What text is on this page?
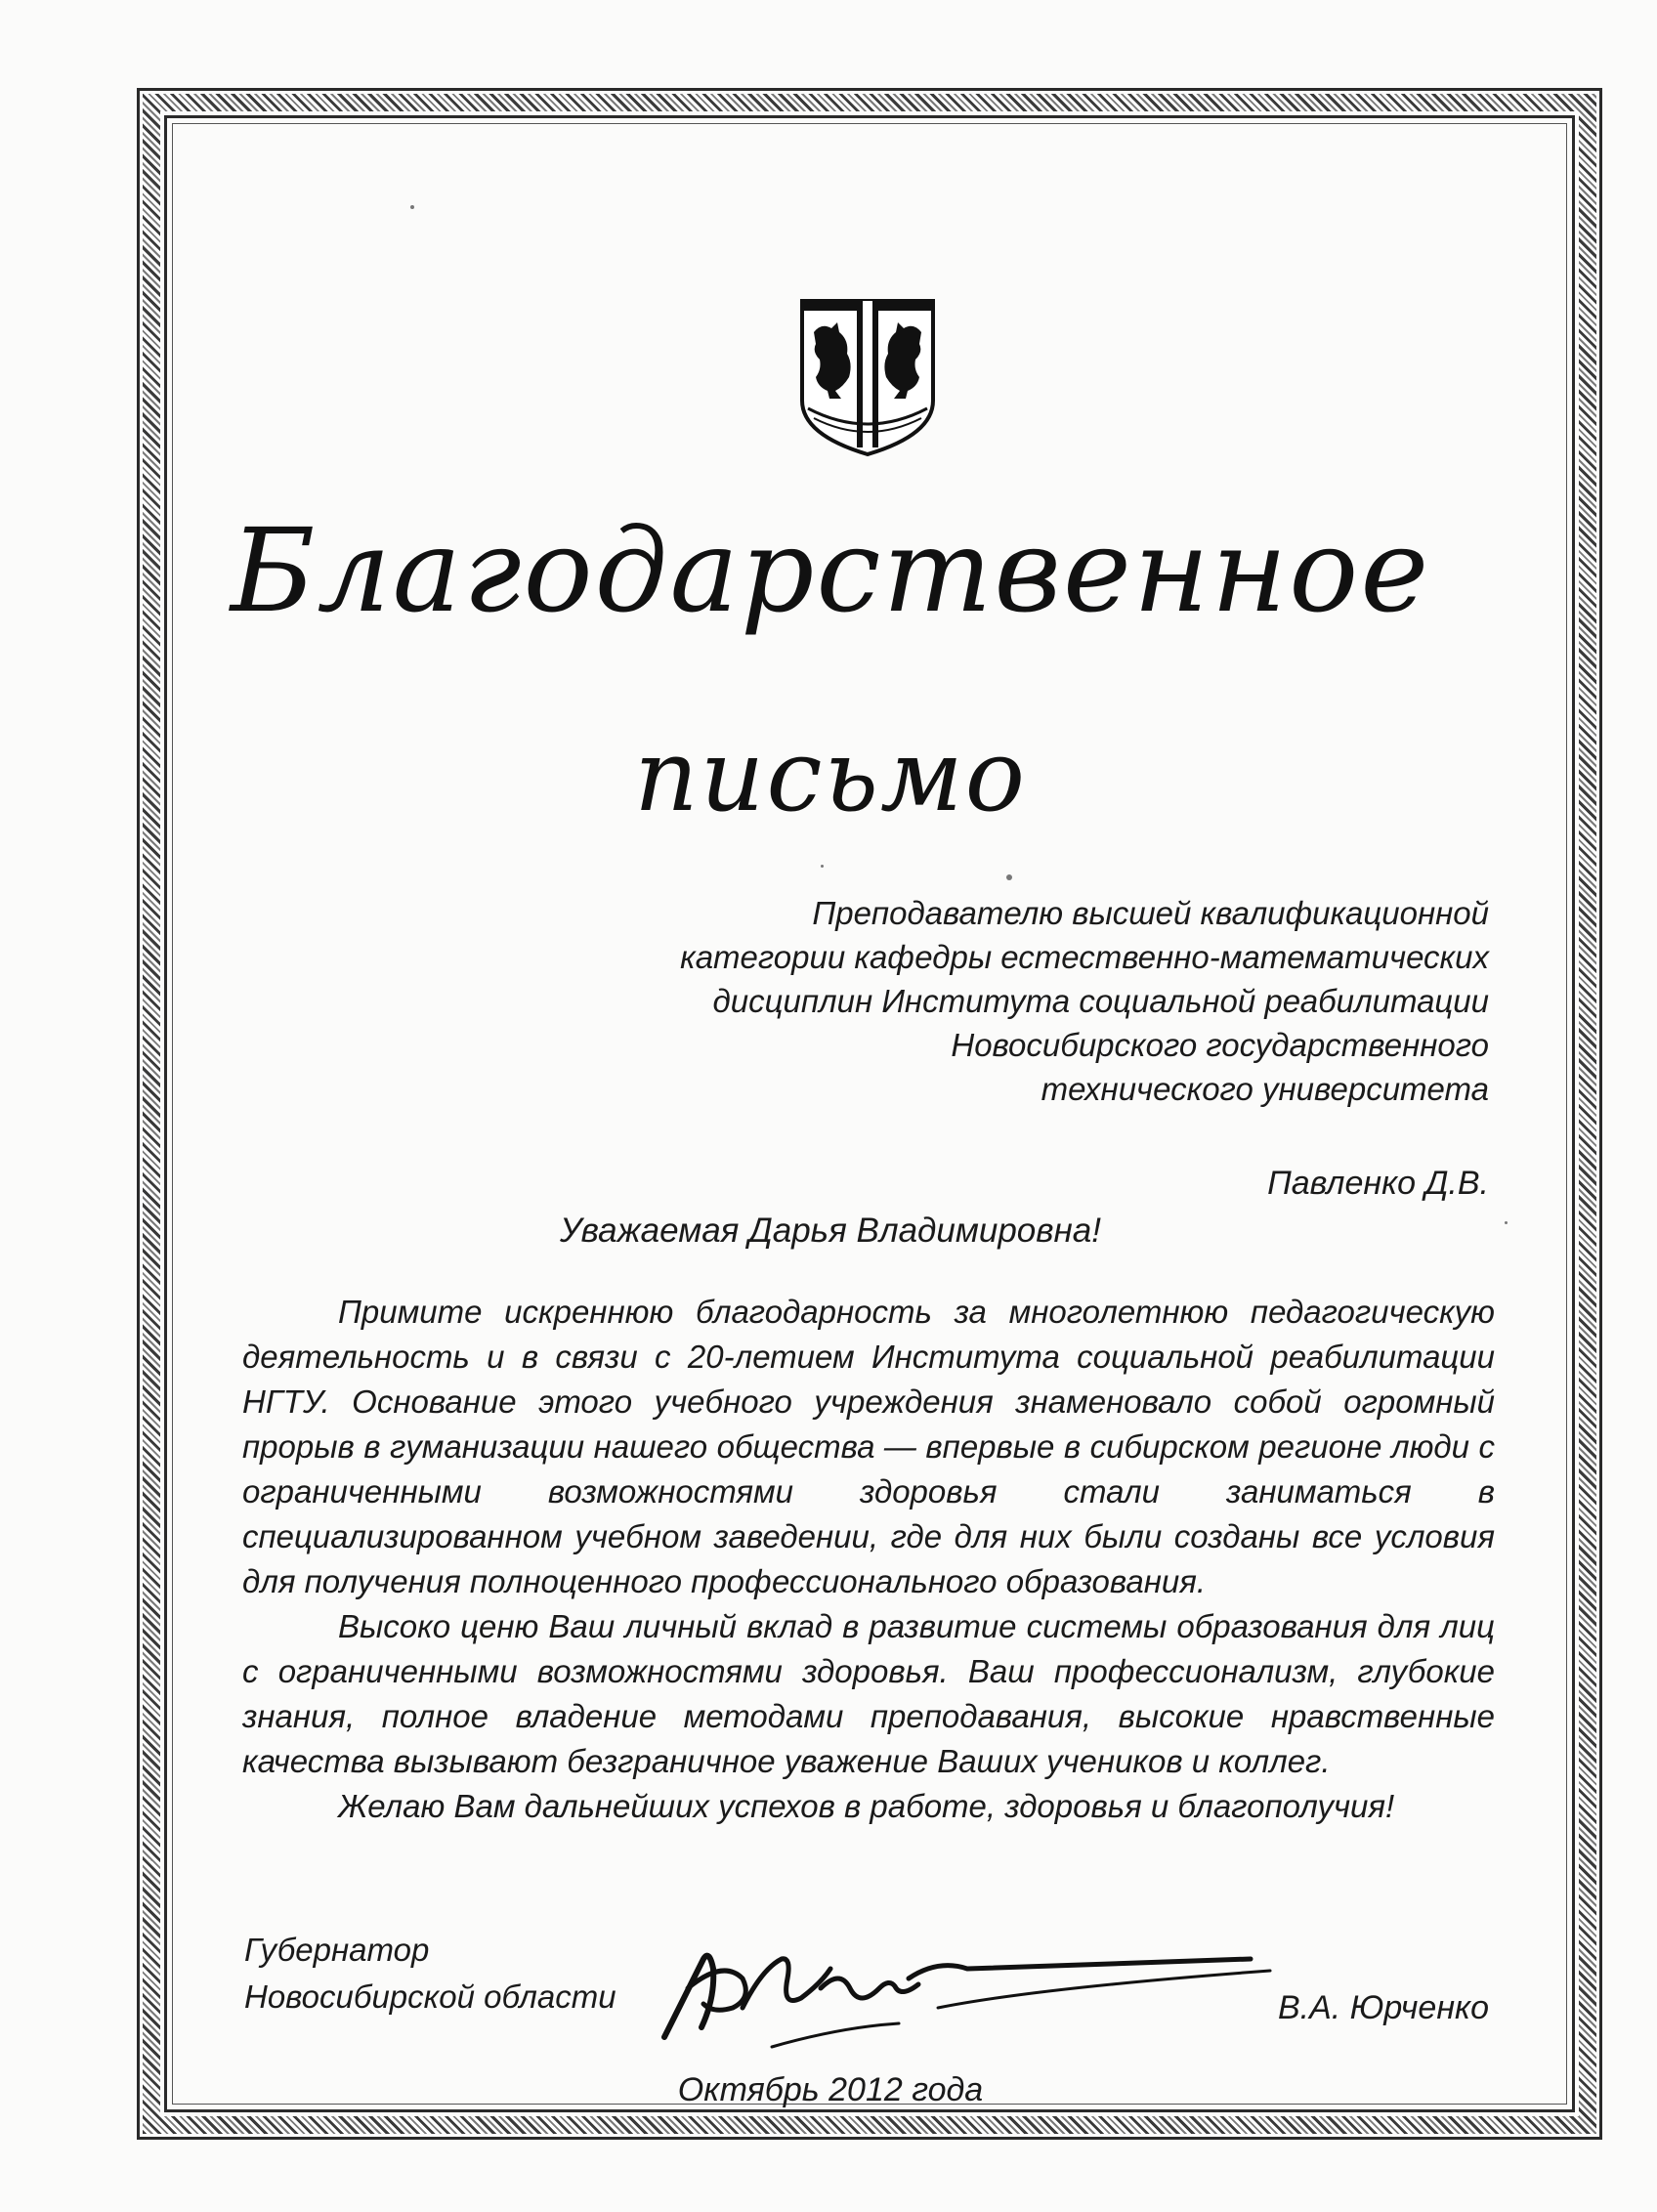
Благодарственное
письмо
Преподавателю высшей квалификационной
категории кафедры естественно-математических
дисциплин Института социальной реабилитации
Новосибирского государственного
технического университета
Павленко Д.В.
Уважаемая Дарья Владимировна!

Примите искреннюю благодарность за многолетнюю педагогическую деятельность и в связи с 20-летием Института социальной реабилитации НГТУ. Основание этого учебного учреждения знаменовало собой огромный прорыв в гуманизации нашего общества — впервые в сибирском регионе люди с ограниченными возможностями здоровья стали заниматься в специализированном учебном заведении, где для них были созданы все условия для получения полноценного профессионального образования.

Высоко ценю Ваш личный вклад в развитие системы образования для лиц с ограниченными возможностями здоровья. Ваш профессионализм, глубокие знания, полное владение методами преподавания, высокие нравственные качества вызывают безграничное уважение Ваших учеников и коллег.

Желаю Вам дальнейших успехов в работе, здоровья и благополучия!

Губернатор
Новосибирской области	В.А. Юрченко
Октябрь 2012 года
